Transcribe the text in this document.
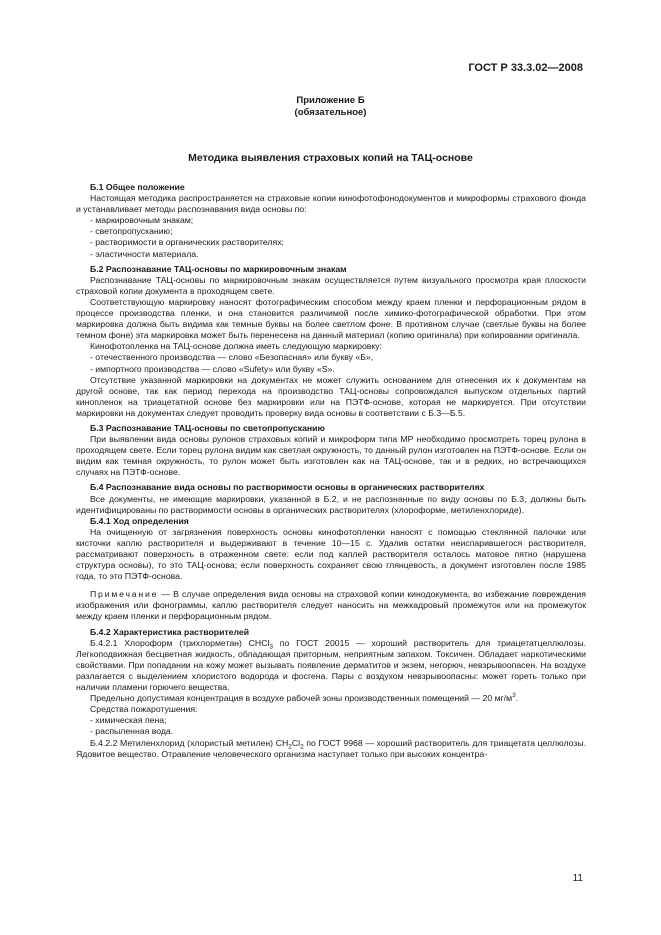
ГОСТ Р 33.3.02—2008
Приложение Б
(обязательное)
Методика выявления страховых копий на ТАЦ-основе

Б.1 Общее положение

Настоящая методика распространяется на страховые копии кинофотофонодокументов и микроформы страхового фонда и устанавливает методы распознавания вида основы по:

- маркировочным знакам;

- светопропусканию;

- растворимости в органических растворителях;

- эластичности материала.

Б.2 Распознавание ТАЦ-основы по маркировочным знакам

Распознавание ТАЦ-основы по маркировочным знакам осуществляется путем визуального просмотра края плоскости страховой копии документа в проходящем свете.

Соответствующую маркировку наносят фотографическим способом между краем пленки и перфорационным рядом в процессе производства пленки, и она становится различимой после химико-фотографической обработки. При этом маркировка должна быть видима как темные буквы на более светлом фоне. В противном случае (светлые буквы на более темном фоне) эта маркировка может быть перенесена на данный материал (копию оригинала) при копировании оригинала.

Кинофотопленка на ТАЦ-основе должна иметь следующую маркировку:

- отечественного производства — слово «Безопасная» или букву «Б»,

- импортного производства — слово «Sufety» или букву «S».

Отсутствие указанной маркировки на документах не может служить основанием для отнесения их к документам на другой основе, так как период перехода на производство ТАЦ-основы сопровождался выпуском отдельных партий кинопленок на триацетатной основе без маркировки или на ПЭТФ-основе, которая не маркируется. При отсутствии маркировки на документах следует проводить проверку вида основы в соответствии с Б.3—Б.5.

Б.3 Распознавание ТАЦ-основы по светопропусканию

При выявлении вида основы рулонов страховых копий и микроформ типа МР необходимо просмотреть торец рулона в проходящем свете. Если торец рулона видим как светлая окружность, то данный рулон изготовлен на ПЭТФ-основе. Если он видим как темная окружность, то рулон может быть изготовлен как на ТАЦ-основе, так и в редких, но встречающихся случаях на ПЭТФ-основе.

Б.4 Распознавание вида основы по растворимости основы в органических растворителях

Все документы, не имеющие маркировки, указанной в Б.2, и не распознанные по виду основы по Б.3, должны быть идентифицированы по растворимости основы в органических растворителях (хлороформе, метиленхлориде).

Б.4.1 Ход определения

На очищенную от загрязнения поверхность основы кинофотопленки наносят с помощью стеклянной палочки или кисточки каплю растворителя и выдерживают в течение 10—15 с. Удалив остатки неиспарившегося растворителя, рассматривают поверхность в отраженном свете: если под каплей растворителя осталось матовое пятно (нарушена структура основы), то это ТАЦ-основа; если поверхность сохраняет свою глянцевость, а документ изготовлен после 1985 года, то это ПЭТФ-основа.

Примечание — В случае определения вида основы на страховой копии кинодокумента, во избежание повреждения изображения или фонограммы, каплю растворителя следует наносить на межкадровый промежуток или на промежуток между краем пленки и перфорационным рядом.

Б.4.2 Характеристика растворителей

Б.4.2.1 Хлороформ (трихлорметан) CHCl$_3$ по ГОСТ 20015 — хороший растворитель для триацетатцеллюлозы. Легкоподвижная бесцветная жидкость, обладающая приторным, неприятным запахом. Токсичен. Обладает наркотическими свойствами. При попадании на кожу может вызывать появление дерматитов и экзем, негорюч, невзрывоопасен. На воздухе разлагается с выделением хлористого водорода и фосгена. Пары с воздухом невзрывоопасны: может гореть только при наличии пламени горючего вещества.

Предельно допустимая концентрация в воздухе рабочей зоны производственных помещений — 20 $мг/м^3$.

Средства пожаротушения:

- химическая пена;

- распыленная вода.

Б.4.2.2 Метиленхлорид (хлористый метилен) $CH_2Cl_2$ по ГОСТ 9968 — хороший растворитель для триацетата целлюлозы. Ядовитое вещество. Отравление человеческого организма наступает только при высоких концентра-

11
